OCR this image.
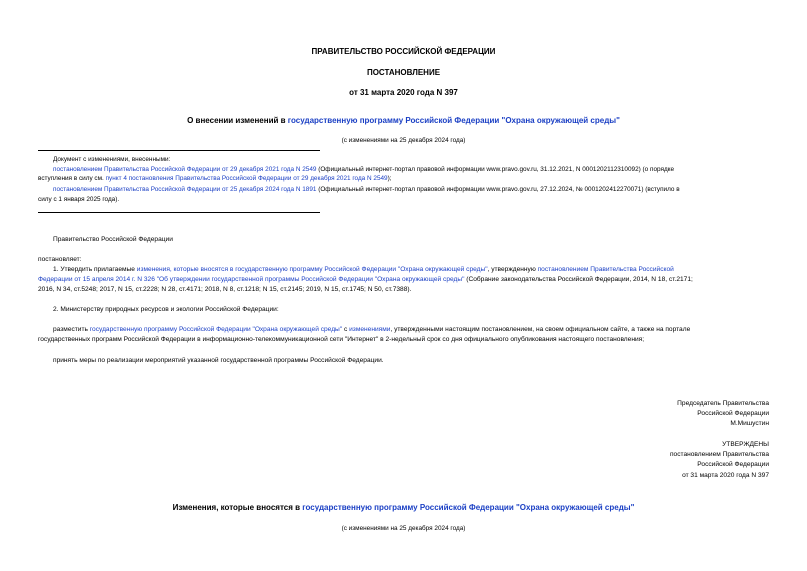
ПРАВИТЕЛЬСТВО РОССИЙСКОЙ ФЕДЕРАЦИИ
ПОСТАНОВЛЕНИЕ
от 31 марта 2020 года N 397
О внесении изменений в государственную программу Российской Федерации "Охрана окружающей среды"
(с изменениями на 25 декабря 2024 года)
Документ с изменениями, внесенными:
постановлением Правительства Российской Федерации от 29 декабря 2021 года N 2549 (Официальный интернет-портал правовой информации www.pravo.gov.ru, 31.12.2021, N 0001202112310092) (о порядке
вступления в силу см. пункт 4 постановления Правительства Российской Федерации от 29 декабря 2021 года N 2549);
постановлением Правительства Российской Федерации от 25 декабря 2024 года N 1891 (Официальный интернет-портал правовой информации www.pravo.gov.ru, 27.12.2024, № 0001202412270071) (вступило в
силу с 1 января 2025 года).
Правительство Российской Федерации
постановляет:
1. Утвердить прилагаемые изменения, которые вносятся в государственную программу Российской Федерации "Охрана окружающей среды", утвержденную постановлением Правительства Российской
Федерации от 15 апреля 2014 г. N 326 "Об утверждении государственной программы Российской Федерации "Охрана окружающей среды" (Собрание законодательства Российской Федерации, 2014, N 18, ст.2171;
2016, N 34, ст.5248; 2017, N 15, ст.2228; N 28, ст.4171; 2018, N 8, ст.1218; N 15, ст.2145; 2019, N 15, ст.1745; N 50, ст.7388).
2. Министерству природных ресурсов и экологии Российской Федерации:
разместить государственную программу Российской Федерации "Охрана окружающей среды" с изменениями, утвержденными настоящим постановлением, на своем официальном сайте, а также на портале
государственных программ Российской Федерации в информационно-телекоммуникационной сети "Интернет" в 2-недельный срок со дня официального опубликования настоящего постановления;
принять меры по реализации мероприятий указанной государственной программы Российской Федерации.
Председатель Правительства
Российской Федерации
М.Мишустин
УТВЕРЖДЕНЫ
постановлением Правительства
Российской Федерации
от 31 марта 2020 года N 397
Изменения, которые вносятся в государственную программу Российской Федерации "Охрана окружающей среды"
(с изменениями на 25 декабря 2024 года)
